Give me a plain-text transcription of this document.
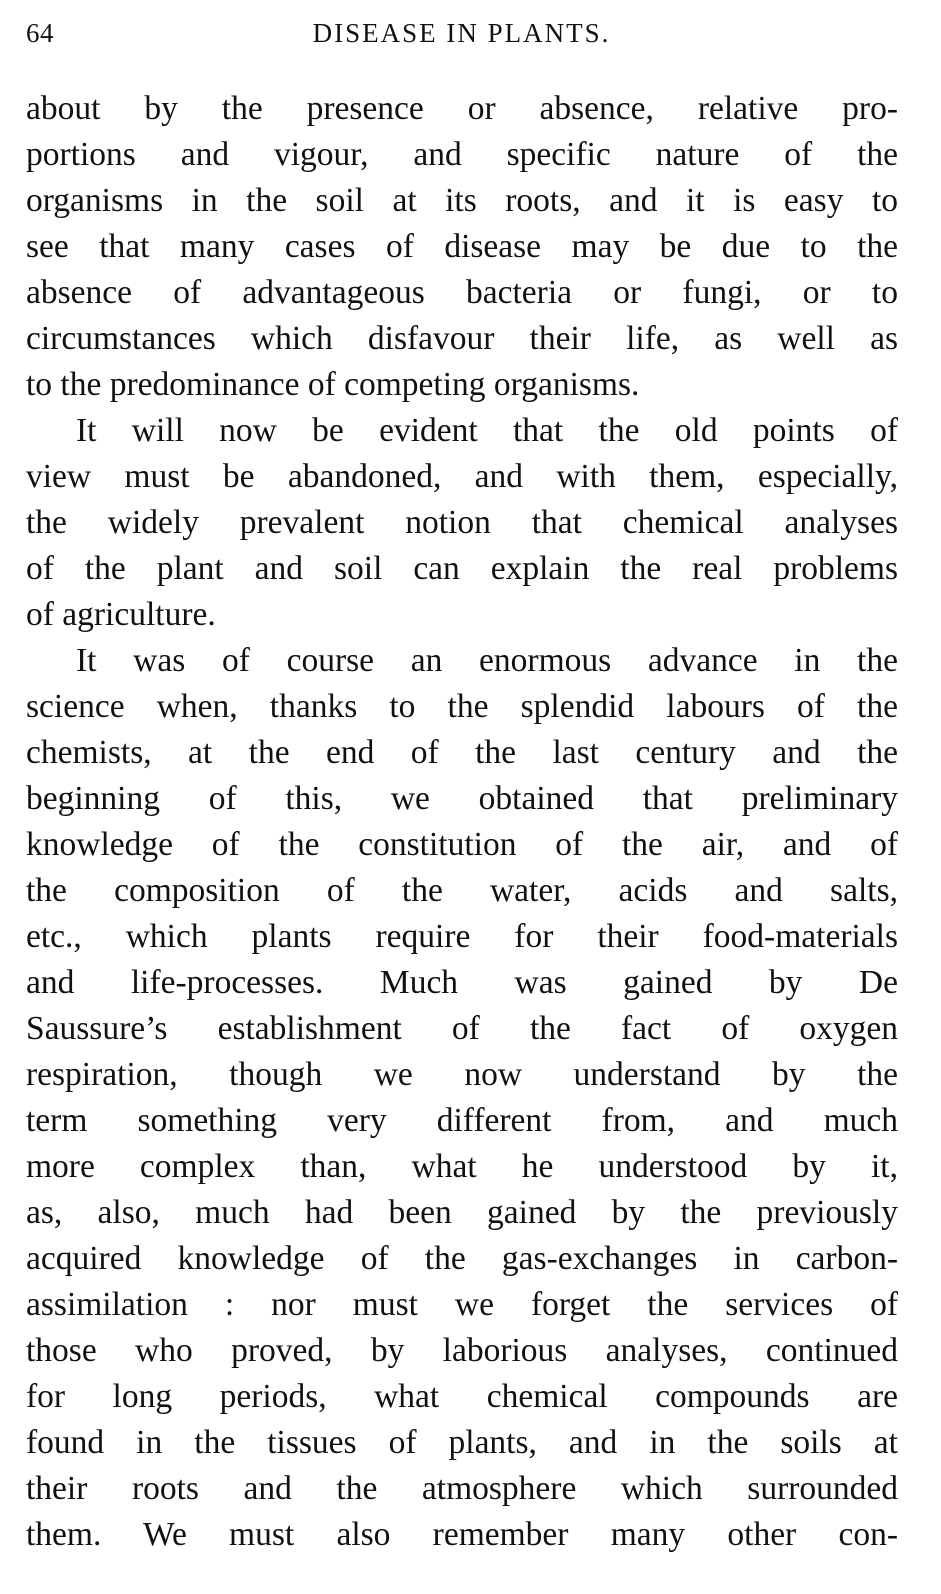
64	DISEASE IN PLANTS.
about by the presence or absence, relative pro-
portions and vigour, and specific nature of the
organisms in the soil at its roots, and it is easy to
see that many cases of disease may be due to the
absence of advantageous bacteria or fungi, or to
circumstances which disfavour their life, as well as
to the predominance of competing organisms.
It will now be evident that the old points of
view must be abandoned, and with them, especially,
the widely prevalent notion that chemical analyses
of the plant and soil can explain the real problems
of agriculture.
It was of course an enormous advance in the
science when, thanks to the splendid labours of the
chemists, at the end of the last century and the
beginning of this, we obtained that preliminary
knowledge of the constitution of the air, and of
the composition of the water, acids and salts,
etc., which plants require for their food-materials
and life-processes. Much was gained by De
Saussure’s establishment of the fact of oxygen
respiration, though we now understand by the
term something very different from, and much
more complex than, what he understood by it,
as, also, much had been gained by the previously
acquired knowledge of the gas-exchanges in carbon-
assimilation : nor must we forget the services of
those who proved, by laborious analyses, continued
for long periods, what chemical compounds are
found in the tissues of plants, and in the soils at
their roots and the atmosphere which surrounded
them. We must also remember many other con-
